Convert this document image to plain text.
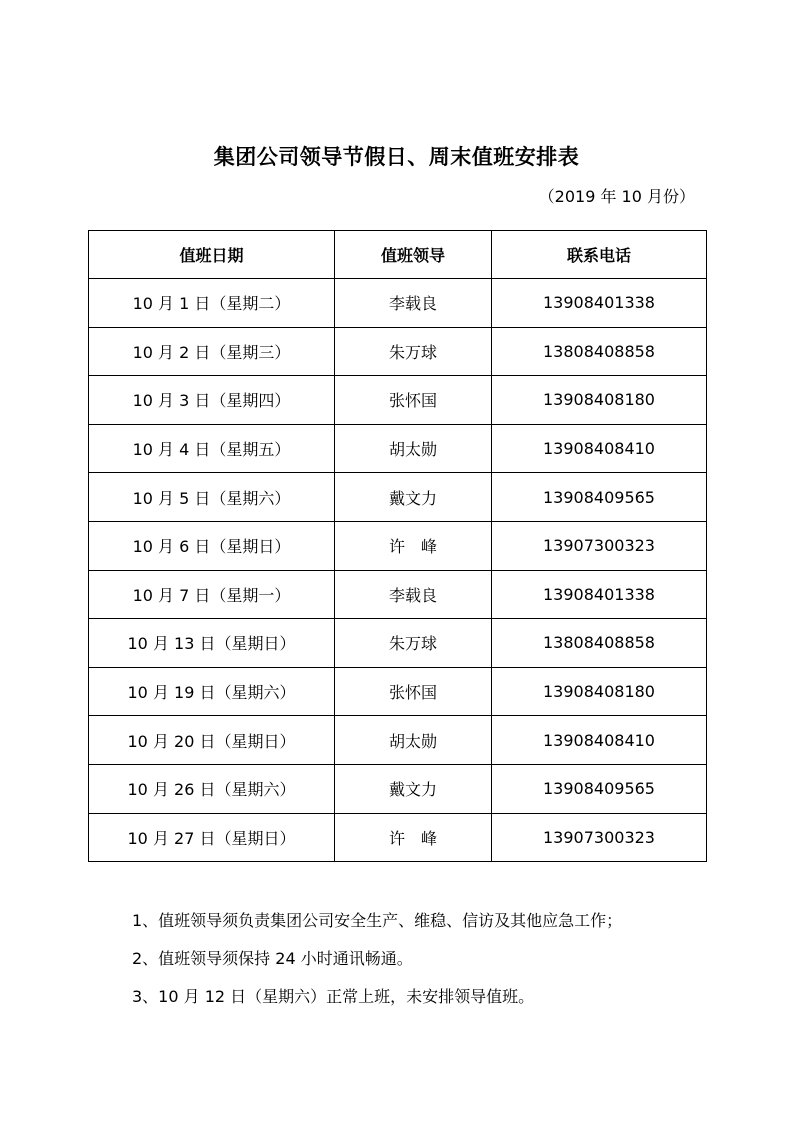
集团公司领导节假日、周末值班安排表
（2019 年 10 月份）
值班日期	值班领导	联系电话
10 月 1 日（星期二）	李载良	13908401338
10 月 2 日（星期三）	朱万球	13808408858
10 月 3 日（星期四）	张怀国	13908408180
10 月 4 日（星期五）	胡太勋	13908408410
10 月 5 日（星期六）	戴文力	13908409565
10 月 6 日（星期日）	许　峰	13907300323
10 月 7 日（星期一）	李载良	13908401338
10 月 13 日（星期日）	朱万球	13808408858
10 月 19 日（星期六）	张怀国	13908408180
10 月 20 日（星期日）	胡太勋	13908408410
10 月 26 日（星期六）	戴文力	13908409565
10 月 27 日（星期日）	许　峰	13907300323
1、值班领导须负责集团公司安全生产、维稳、信访及其他应急工作；
2、值班领导须保持 24 小时通讯畅通。
3、10 月 12 日（星期六）正常上班，未安排领导值班。
